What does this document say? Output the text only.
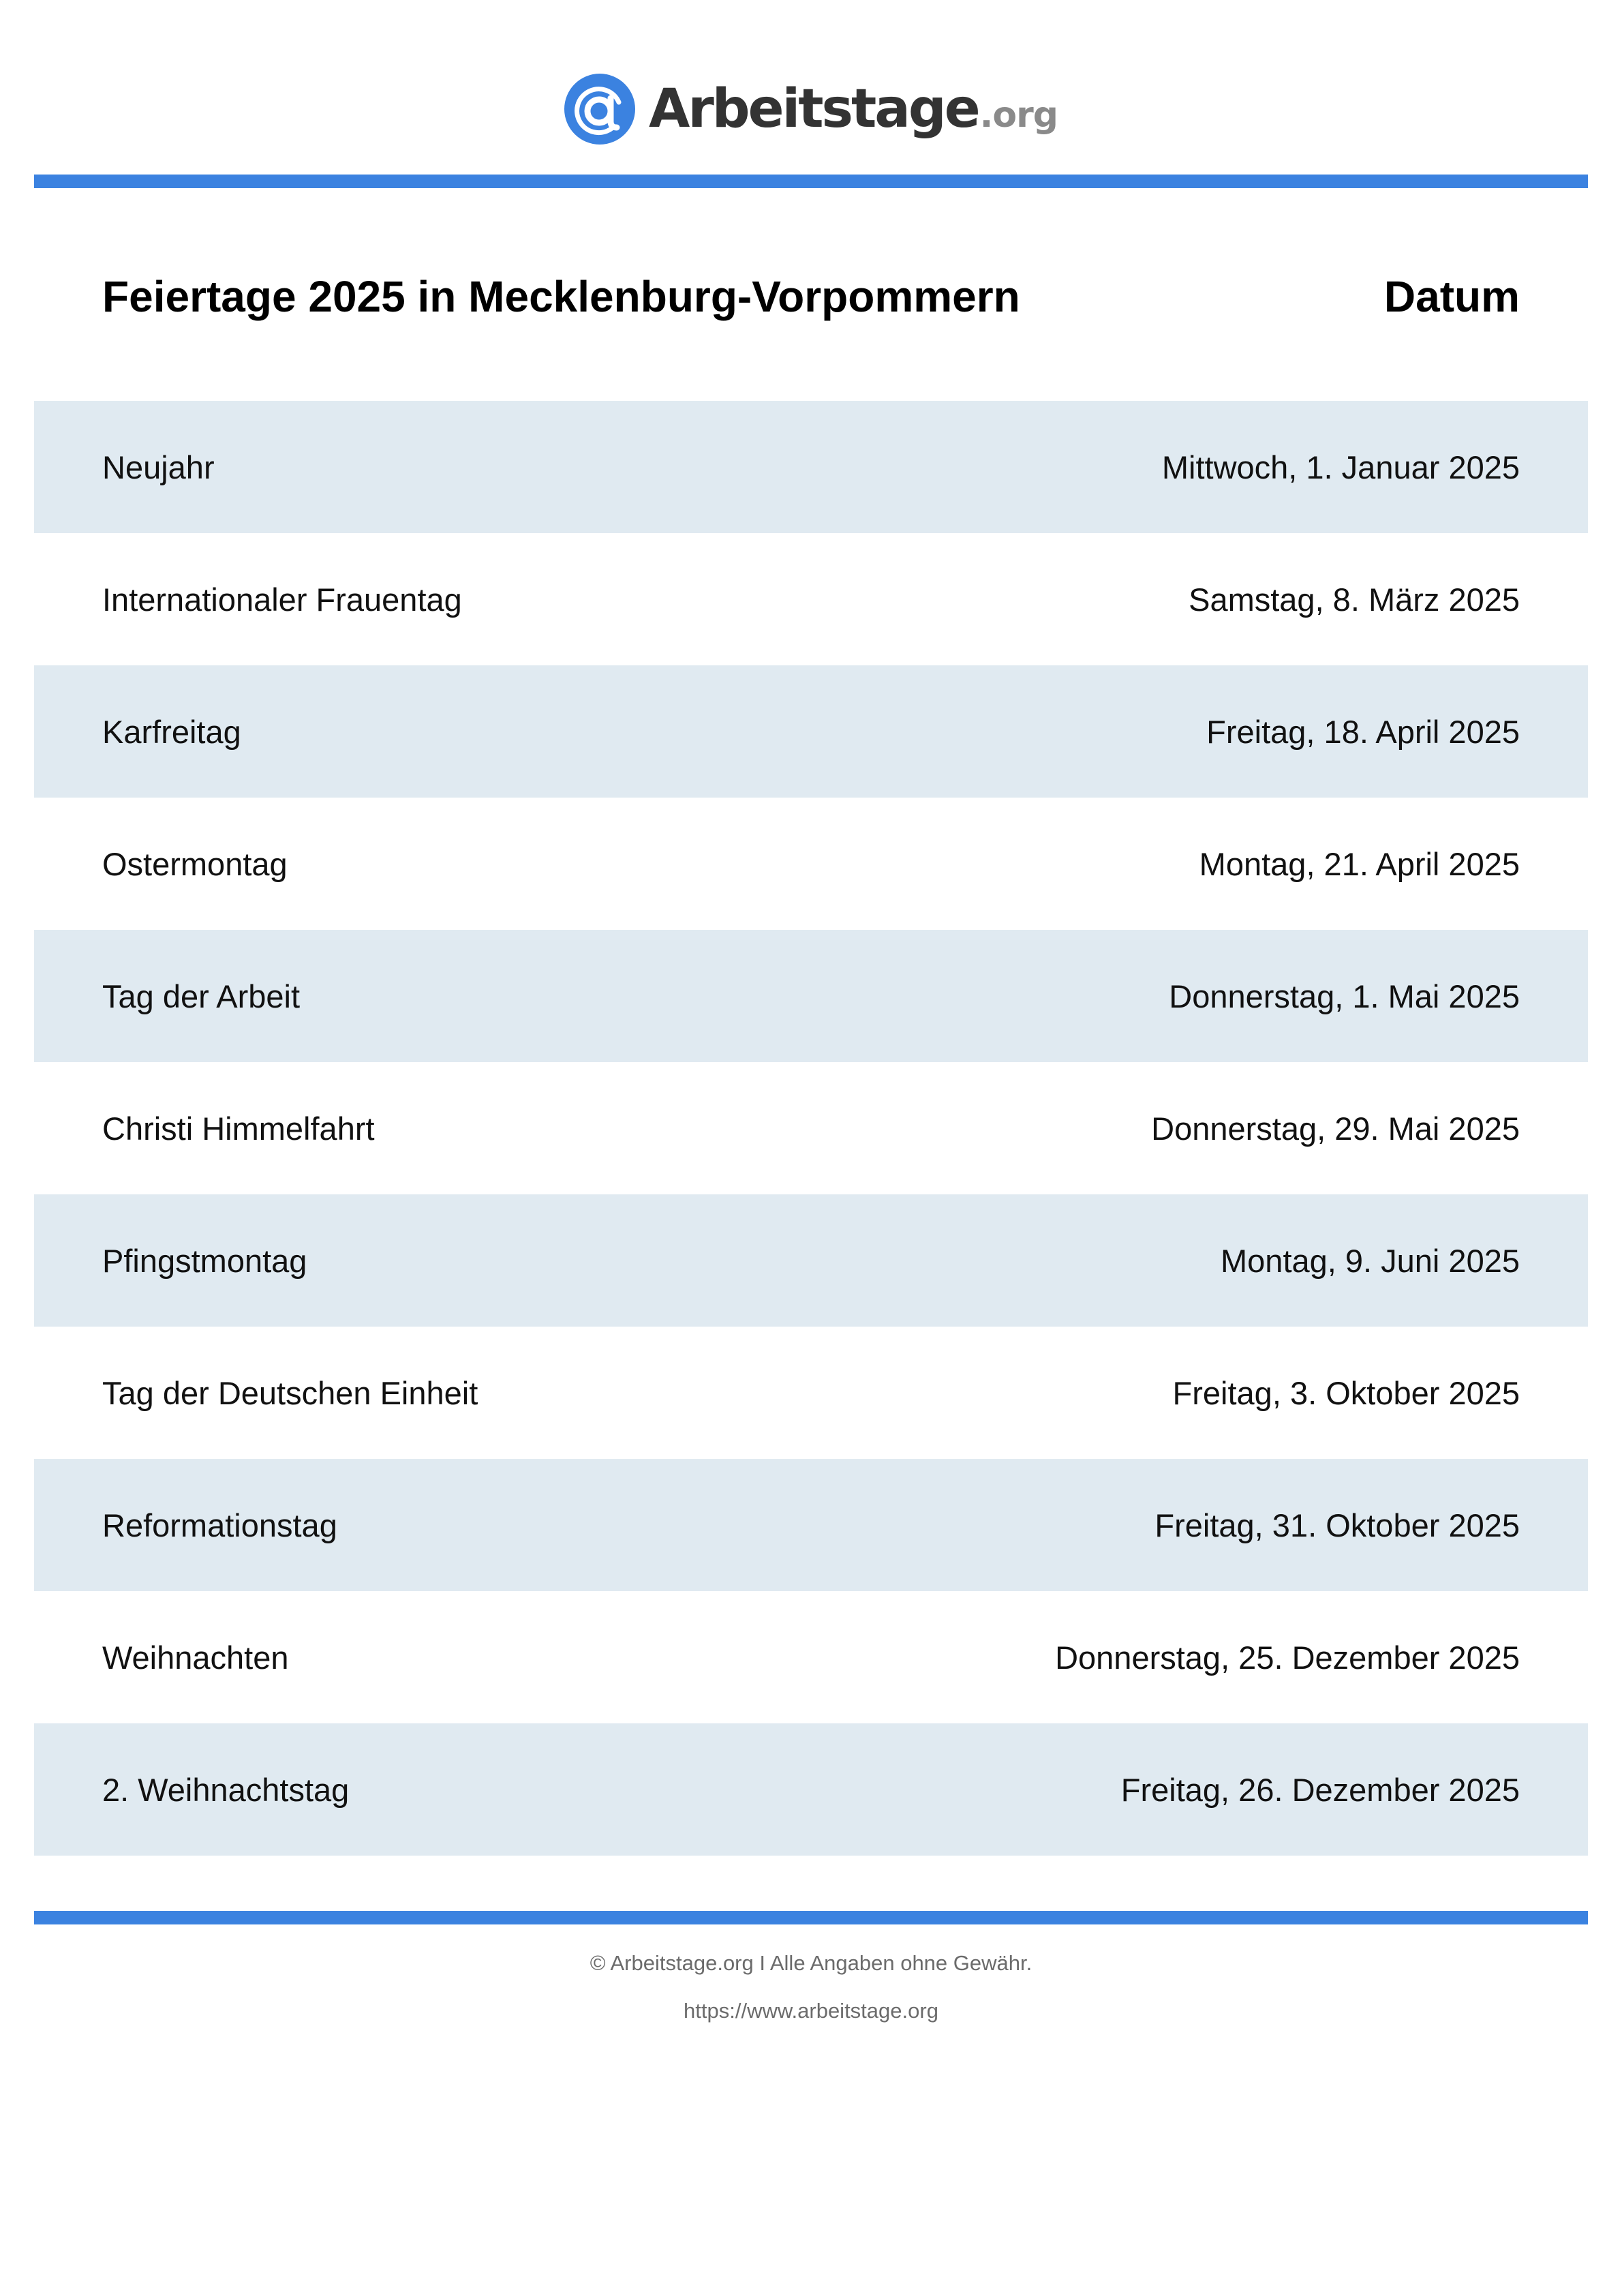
Arbeitstage .org
Feiertage 2025 in Mecklenburg-Vorpommern	Datum
Neujahr	Mittwoch, 1. Januar 2025
Internationaler Frauentag	Samstag, 8. März 2025
Karfreitag	Freitag, 18. April 2025
Ostermontag	Montag, 21. April 2025
Tag der Arbeit	Donnerstag, 1. Mai 2025
Christi Himmelfahrt	Donnerstag, 29. Mai 2025
Pfingstmontag	Montag, 9. Juni 2025
Tag der Deutschen Einheit	Freitag, 3. Oktober 2025
Reformationstag	Freitag, 31. Oktober 2025
Weihnachten	Donnerstag, 25. Dezember 2025
2. Weihnachtstag	Freitag, 26. Dezember 2025
© Arbeitstage.org I Alle Angaben ohne Gewähr.
https://www.arbeitstage.org
